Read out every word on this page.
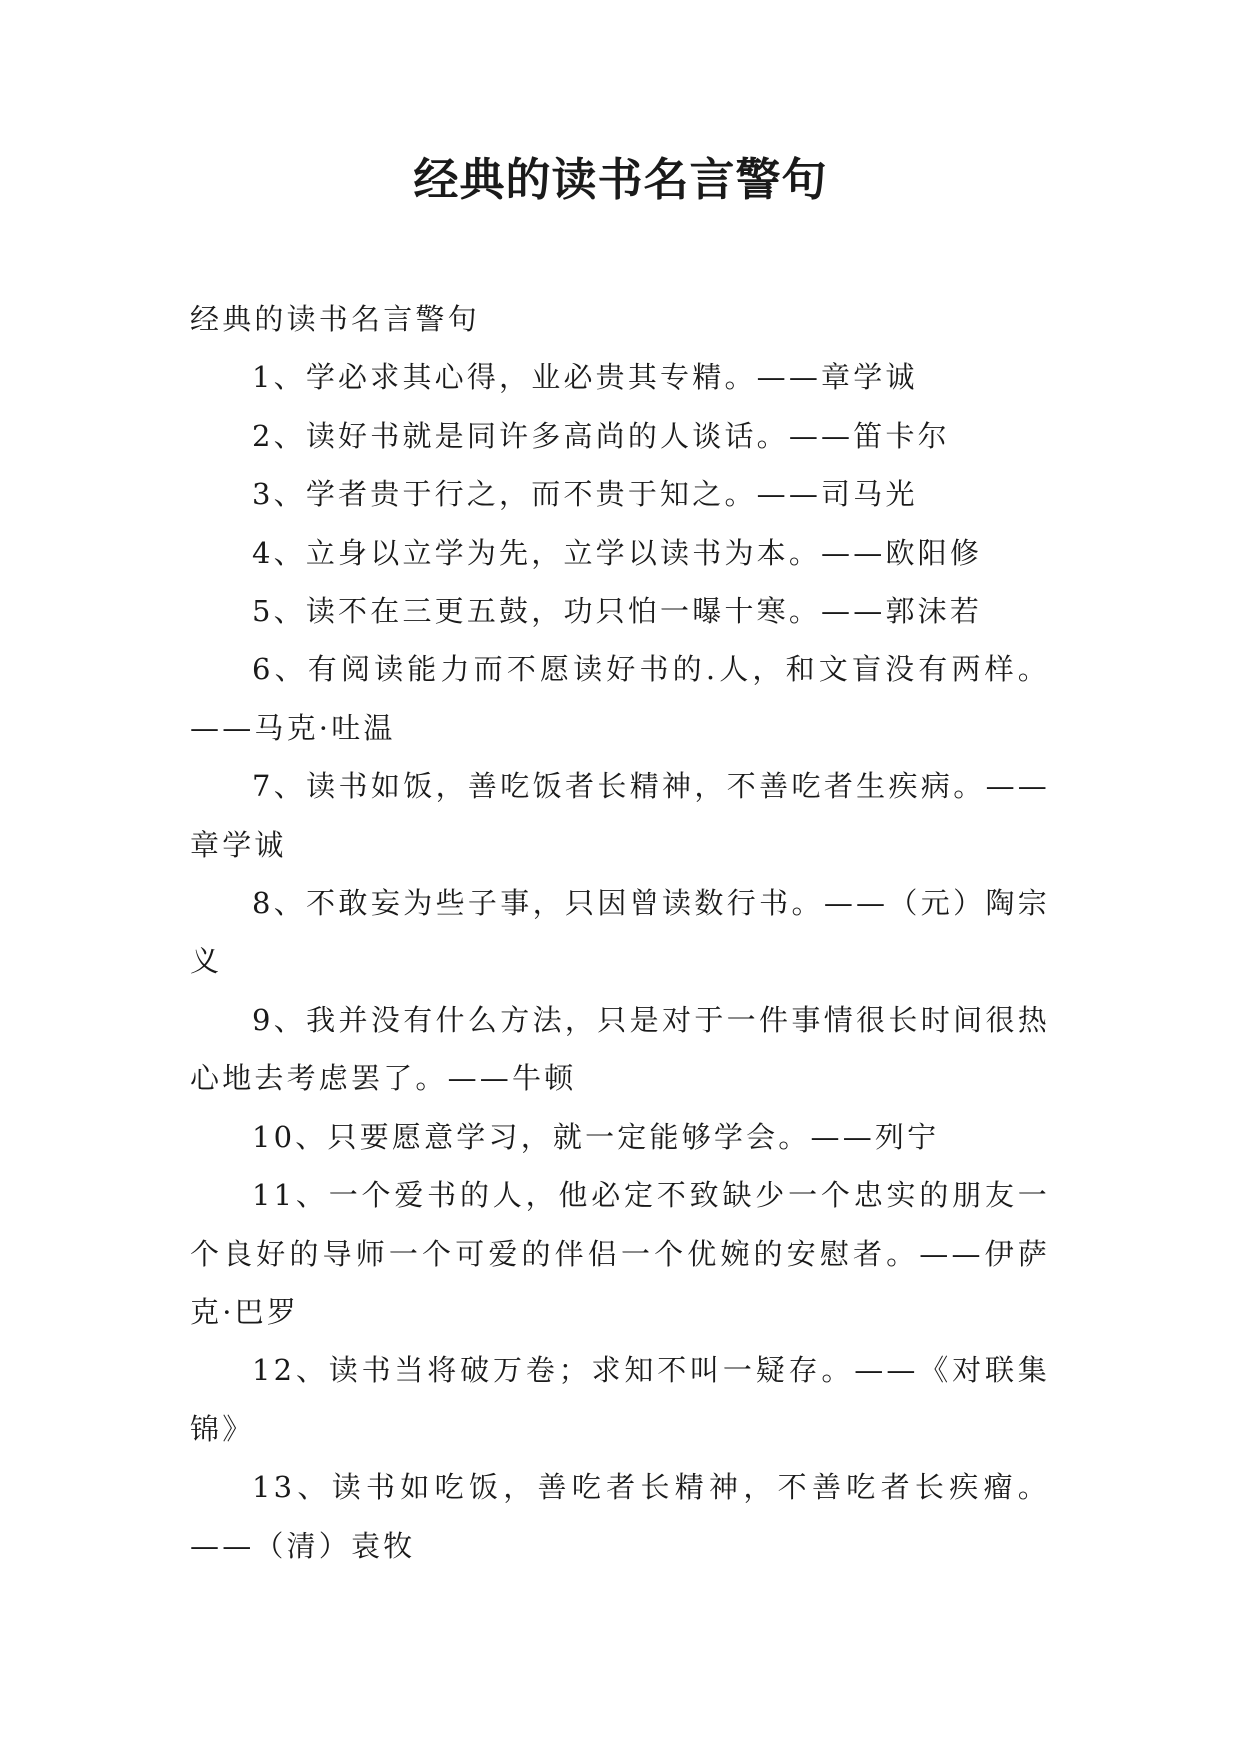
经典的读书名言警句

经典的读书名言警句

1、学必求其心得，业必贵其专精。——章学诚

2、读好书就是同许多高尚的人谈话。——笛卡尔

3、学者贵于行之，而不贵于知之。——司马光

4、立身以立学为先，立学以读书为本。——欧阳修

5、读不在三更五鼓，功只怕一曝十寒。——郭沫若

6、有阅读能力而不愿读好书的.人，和文盲没有两样。——马克·吐温

7、读书如饭，善吃饭者长精神，不善吃者生疾病。——章学诚

8、不敢妄为些子事，只因曾读数行书。——（元）陶宗义

9、我并没有什么方法，只是对于一件事情很长时间很热心地去考虑罢了。——牛顿

10、只要愿意学习，就一定能够学会。——列宁

11、一个爱书的人，他必定不致缺少一个忠实的朋友一个良好的导师一个可爱的伴侣一个优婉的安慰者。——伊萨克·巴罗

12、读书当将破万卷；求知不叫一疑存。——《对联集锦》

13、读书如吃饭，善吃者长精神，不善吃者长疾瘤。——（清）袁牧
